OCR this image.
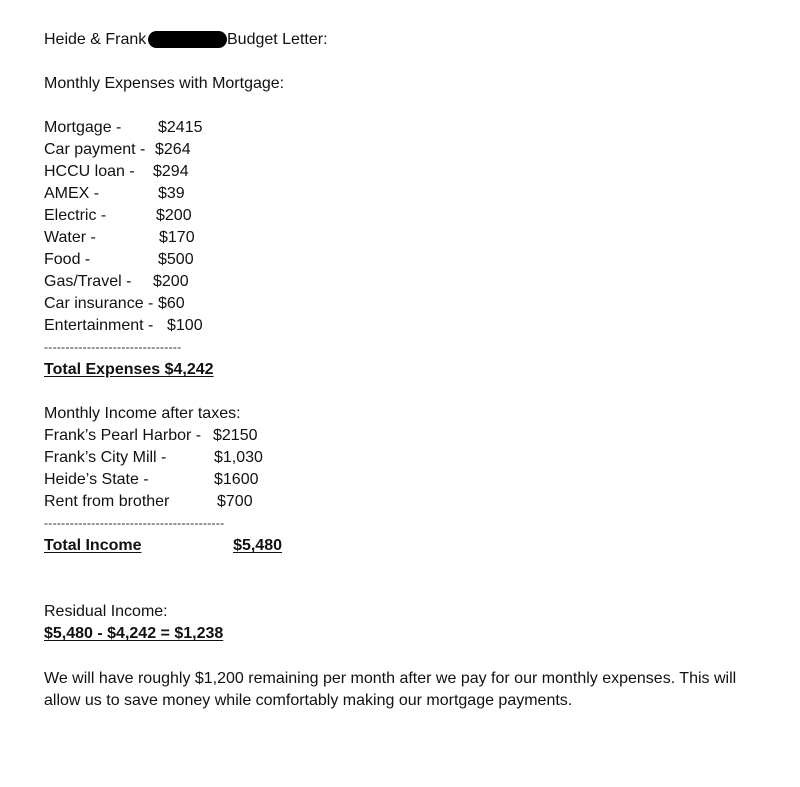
Heide & Frank	Budget Letter:
Monthly Expenses with Mortgage:
Mortgage - $2415
Car payment - $264
HCCU loan - $294
AMEX -	$39
Electric -	$200
Water -	$170
Food -	$500
Gas/Travel - $200
Car insurance - $60
Entertainment - $100
--------------------------------
Total Expenses $4,242
Monthly Income after taxes:
Frank’s Pearl Harbor - $2150
Frank’s City Mill -	$1,030
Heide’s State -	$1600
Rent from brother	$700
------------------------------------------
Total Income	$5,480
Residual Income:
$5,480 - $4,242 = $1,238
We will have roughly $1,200 remaining per month after we pay for our monthly expenses. This will allow us to save money while comfortably making our mortgage payments.
